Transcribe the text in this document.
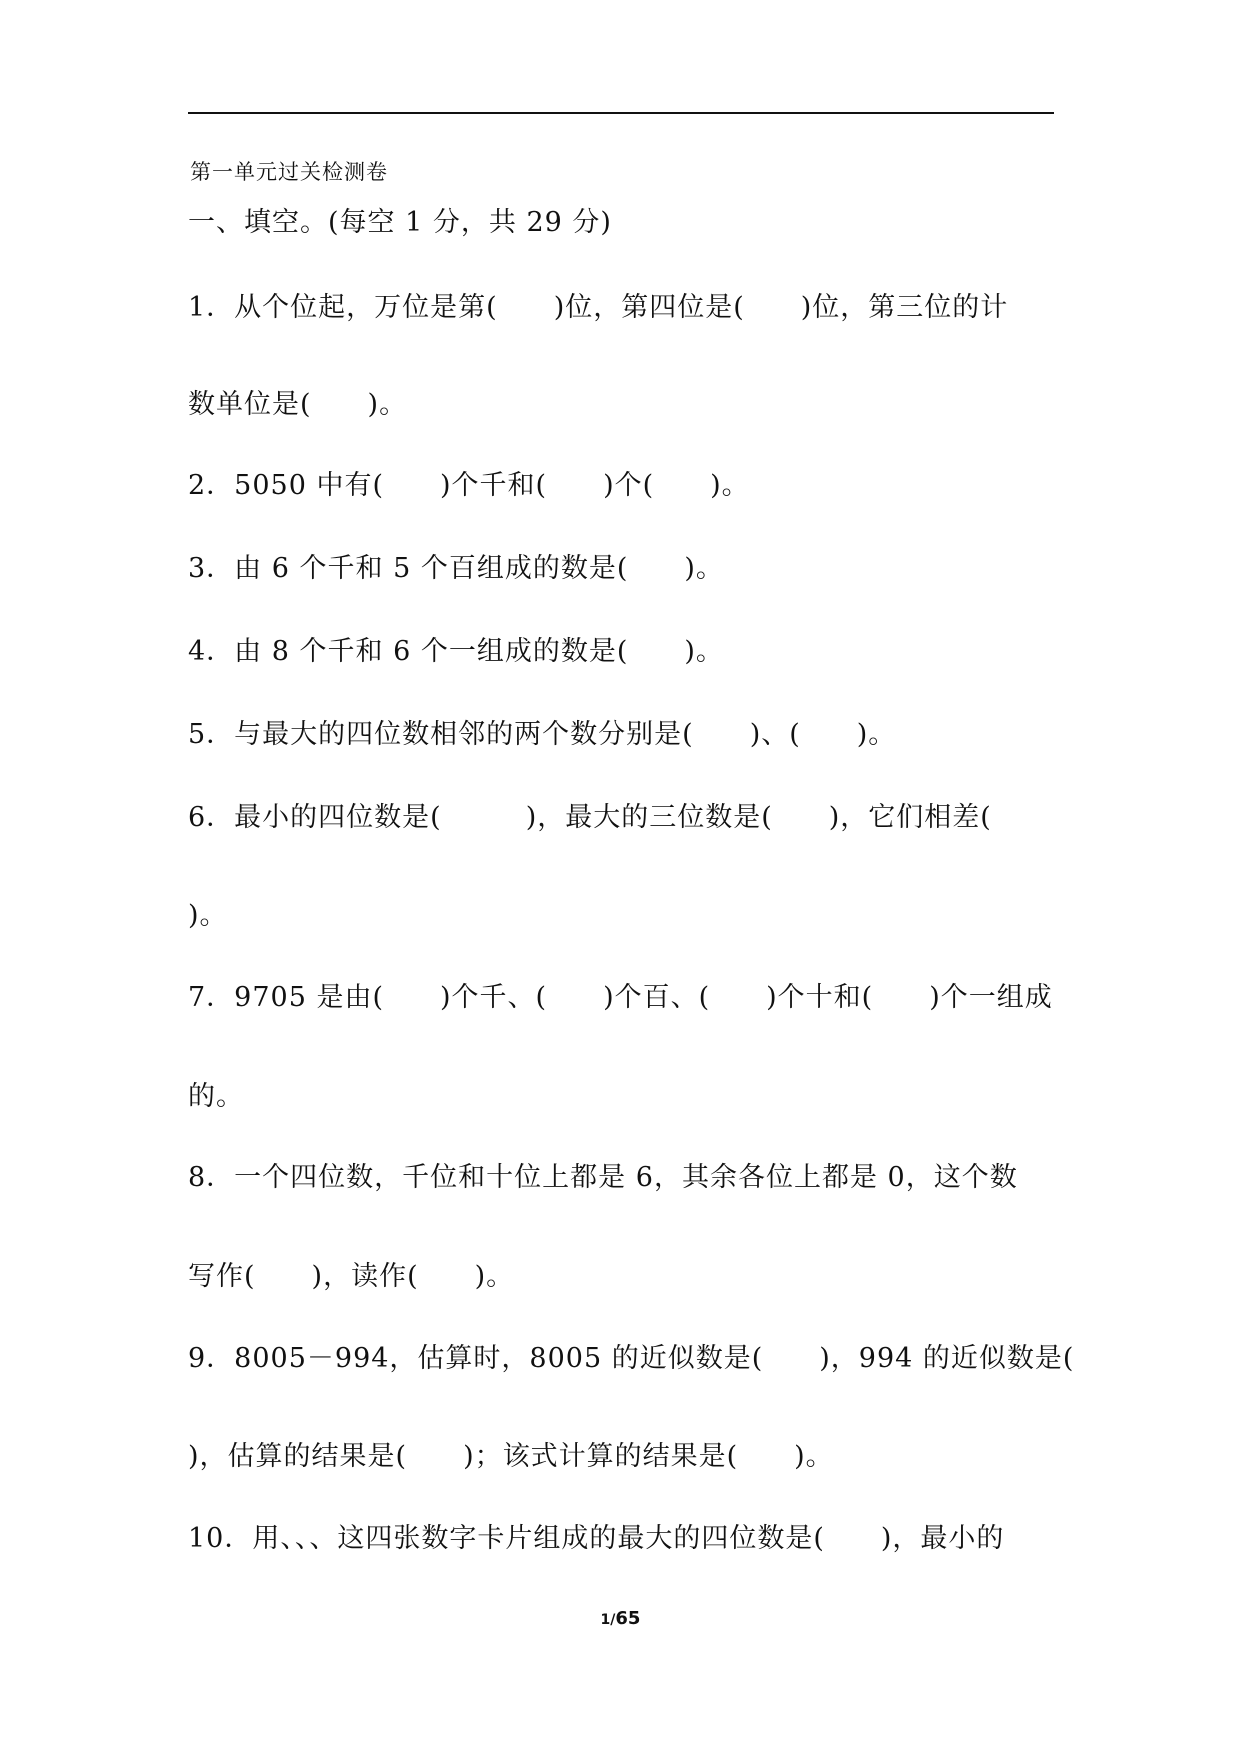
第一单元过关检测卷
一、填空。(每空 1 分，共 29 分)
1．从个位起，万位是第(　　)位，第四位是(　　)位，第三位的计
数单位是(　　)。
2．5050 中有(　　)个千和(　　)个(　　)。
3．由 6 个千和 5 个百组成的数是(　　)。
4．由 8 个千和 6 个一组成的数是(　　)。
5．与最大的四位数相邻的两个数分别是(　　)、(　　)。
6．最小的四位数是(　　　)，最大的三位数是(　　)，它们相差(
)。
7．9705 是由(　　)个千、(　　)个百、(　　)个十和(　　)个一组成
的。
8．一个四位数，千位和十位上都是 6，其余各位上都是 0，这个数
写作(　　)，读作(　　)。
9．8005－994，估算时，8005 的近似数是(　　)，994 的近似数是(
)，估算的结果是(　　)；该式计算的结果是(　　)。
10．用、、、这四张数字卡片组成的最大的四位数是(　　)，最小的
1/65
